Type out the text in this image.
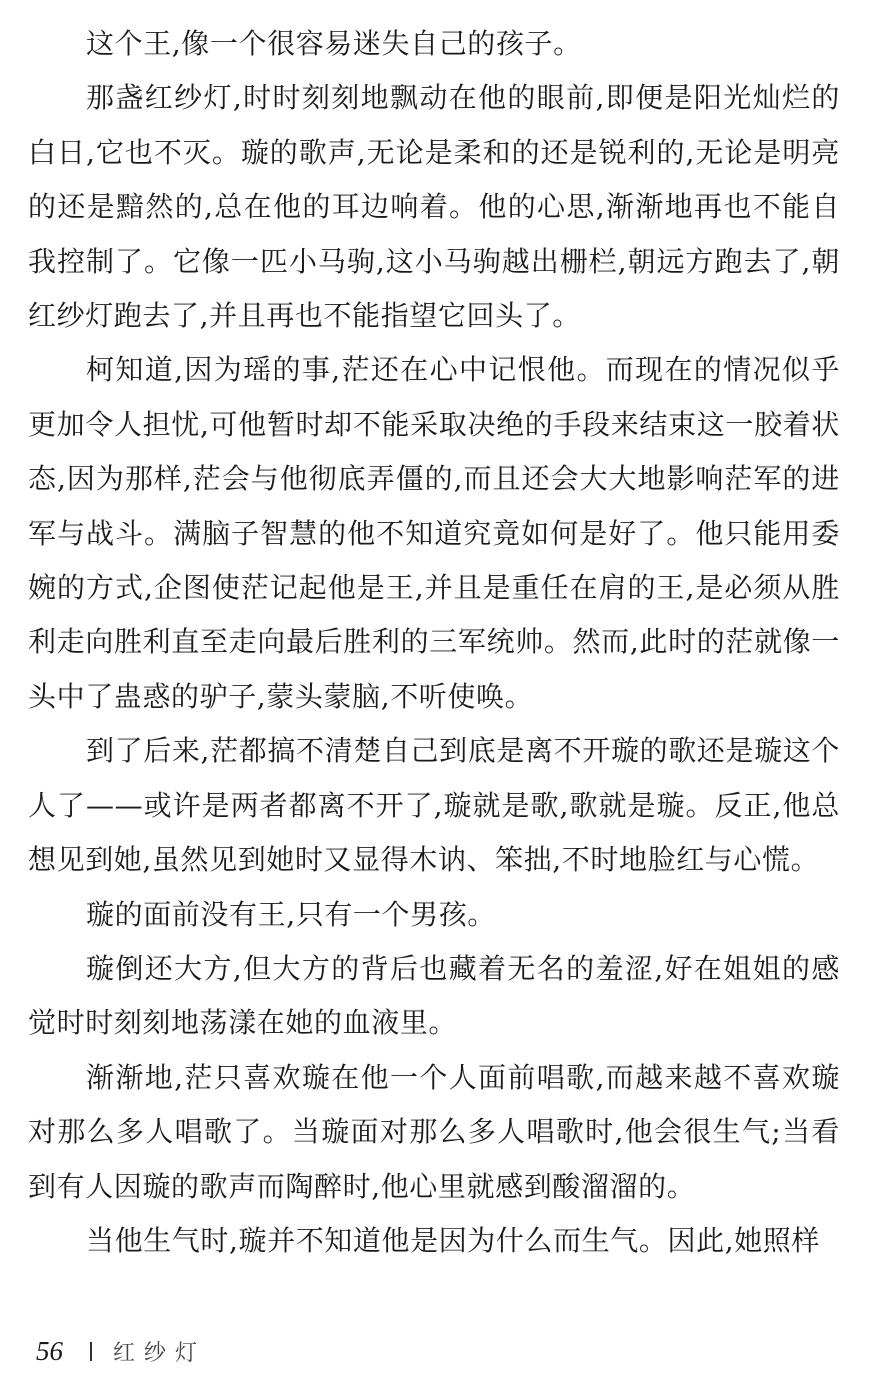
这个王,像一个很容易迷失自己的孩子。

那盏红纱灯,时时刻刻地飘动在他的眼前,即便是阳光灿烂的白日,它也不灭。璇的歌声,无论是柔和的还是锐利的,无论是明亮的还是黯然的,总在他的耳边响着。他的心思,渐渐地再也不能自我控制了。它像一匹小马驹,这小马驹越出栅栏,朝远方跑去了,朝红纱灯跑去了,并且再也不能指望它回头了。

柯知道,因为瑶的事,茫还在心中记恨他。而现在的情况似乎更加令人担忧,可他暂时却不能采取决绝的手段来结束这一胶着状态,因为那样,茫会与他彻底弄僵的,而且还会大大地影响茫军的进军与战斗。满脑子智慧的他不知道究竟如何是好了。他只能用委婉的方式,企图使茫记起他是王,并且是重任在肩的王,是必须从胜利走向胜利直至走向最后胜利的三军统帅。然而,此时的茫就像一头中了蛊惑的驴子,蒙头蒙脑,不听使唤。

到了后来,茫都搞不清楚自己到底是离不开璇的歌还是璇这个人了——或许是两者都离不开了,璇就是歌,歌就是璇。反正,他总想见到她,虽然见到她时又显得木讷、笨拙,不时地脸红与心慌。

璇的面前没有王,只有一个男孩。

璇倒还大方,但大方的背后也藏着无名的羞涩,好在姐姐的感觉时时刻刻地荡漾在她的血液里。

渐渐地,茫只喜欢璇在他一个人面前唱歌,而越来越不喜欢璇对那么多人唱歌了。当璇面对那么多人唱歌时,他会很生气;当看到有人因璇的歌声而陶醉时,他心里就感到酸溜溜的。

当他生气时,璇并不知道他是因为什么而生气。因此,她照样

56	红纱灯
